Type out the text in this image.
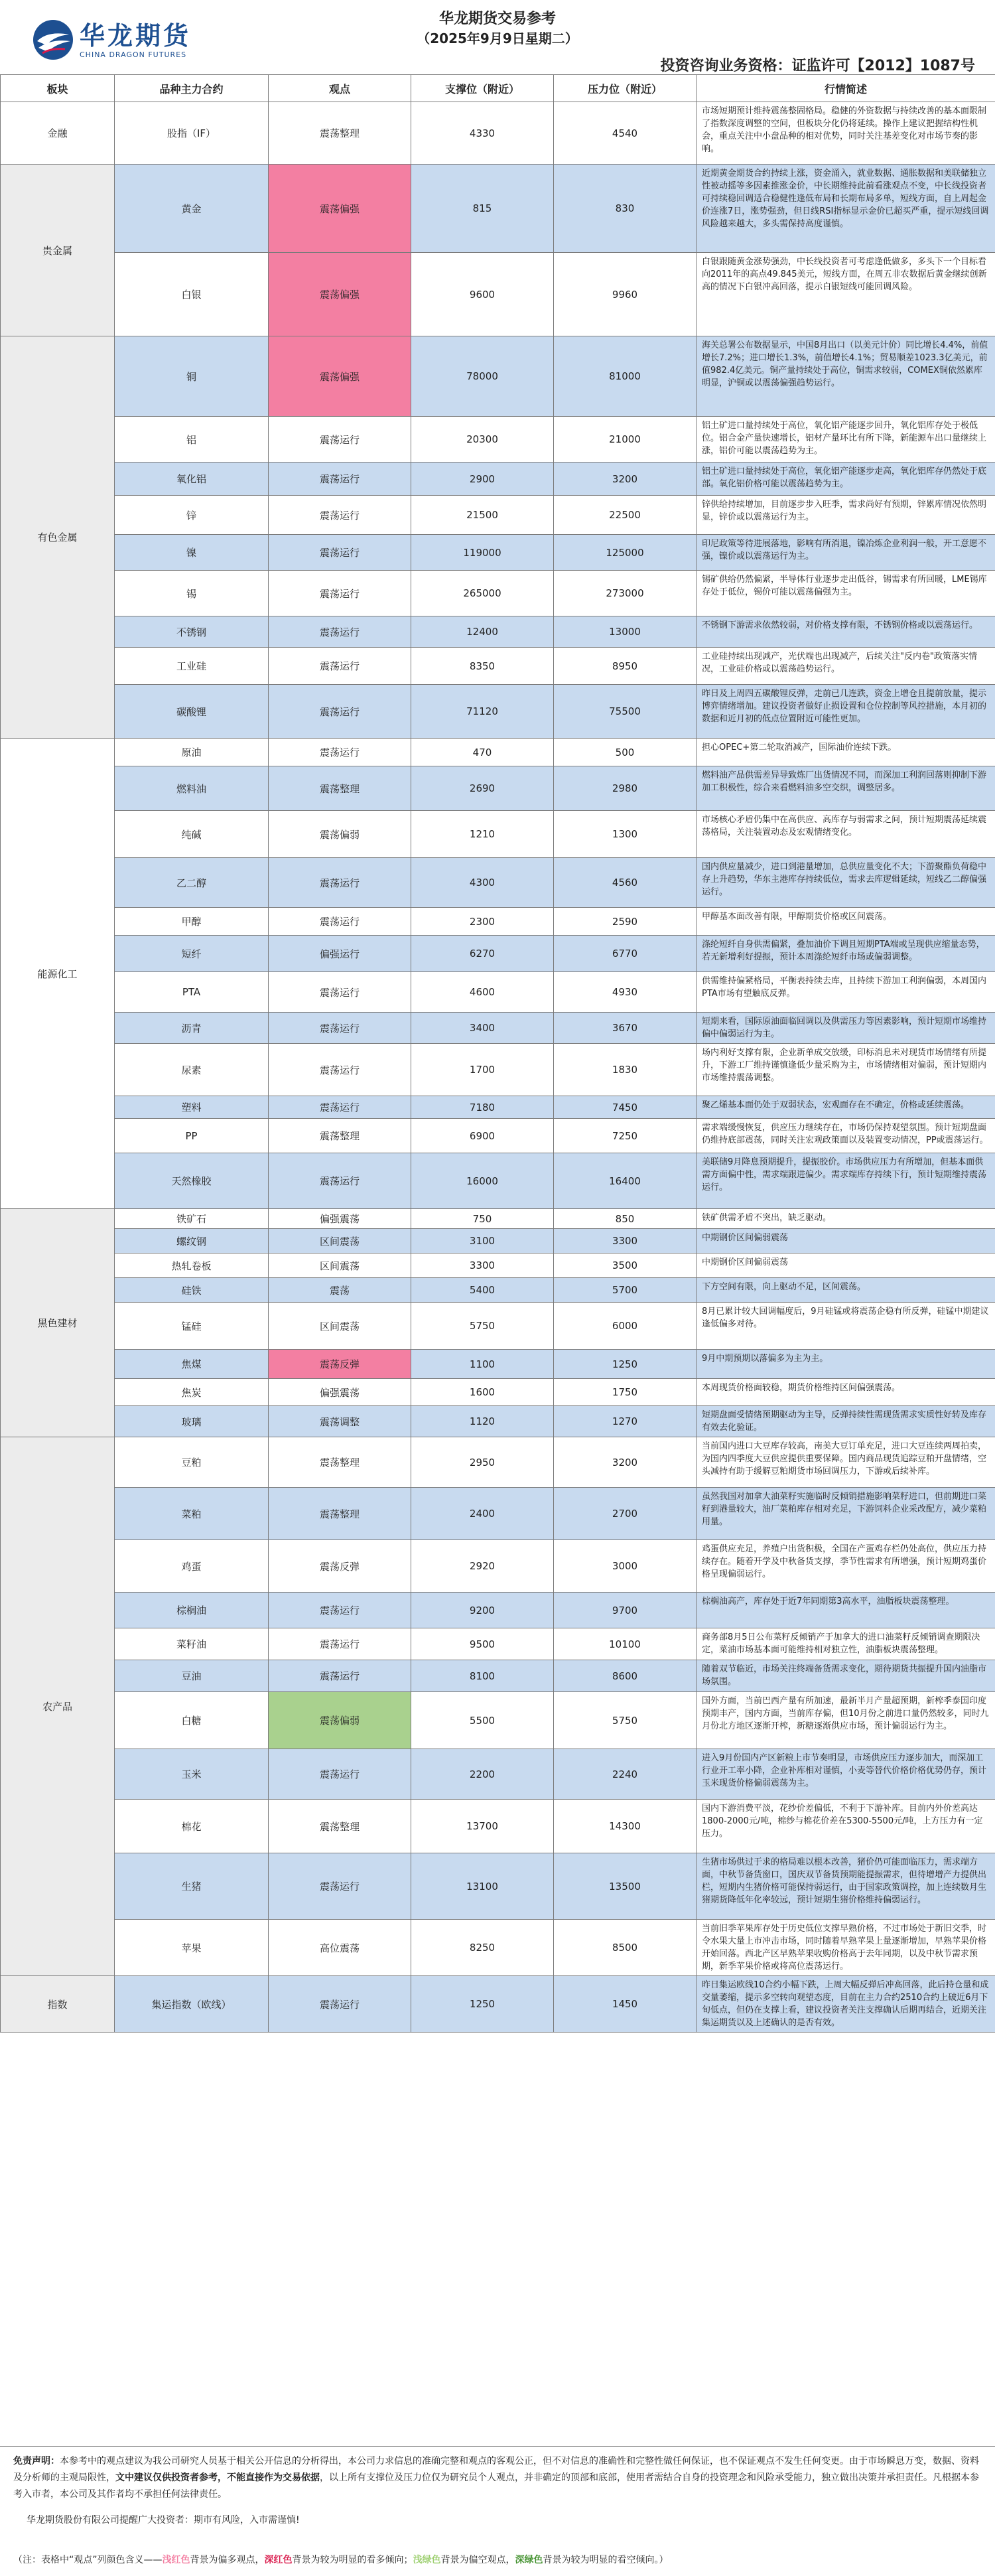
华龙期货
CHINA DRAGON FUTURES
华龙期货交易参考
（2025年9月9日星期二）
投资咨询业务资格：证监许可【2012】1087号
板块	品种主力合约	观点	支撑位（附近）	压力位（附近）	行情简述
金融	股指（IF）	震荡整理	4330	4540	市场短期预计维持震荡整固格局。稳健的外资数据与持续改善的基本面限制了指数深度调整的空间，但板块分化仍将延续。操作上建议把握结构性机会，重点关注中小盘品种的相对优势，同时关注基差变化对市场节奏的影响。
贵金属	黄金	震荡偏强	815	830	近期黄金期货合约持续上涨，资金涌入，就业数据、通胀数据和美联储独立性被动摇等多因素推涨金价，中长期维持此前看涨观点不变，中长线投资者可持续稳回调适合稳健性逢低布局和长期布局多单，短线方面，自上周起金价连涨7日，涨势强劲，但日线RSI指标显示金价已超买严重，提示短线回调风险越来越大，多头需保持高度谨慎。
	白银	震荡偏强	9600	9960	白银跟随黄金涨势强劲，中长线投资者可考虑逢低做多，多头下一个目标看向2011年的高点49.845美元，短线方面，在周五非农数据后黄金继续创新高的情况下白银冲高回落，提示白银短线可能回调风险。
有色金属	铜	震荡偏强	78000	81000	海关总署公布数据显示，中国8月出口（以美元计价）同比增长4.4%，前值增长7.2%；进口增长1.3%，前值增长4.1%；贸易顺差1023.3亿美元，前值982.4亿美元。铜产量持续处于高位，铜需求较弱，COMEX铜依然累库明显，沪铜或以震荡偏强趋势运行。
	铝	震荡运行	20300	21000	铝土矿进口量持续处于高位，氧化铝产能逐步回升，氧化铝库存处于极低位。铝合金产量快速增长，铝材产量环比有所下降，新能源车出口量继续上涨，铝价可能以震荡趋势为主。
	氧化铝	震荡运行	2900	3200	铝土矿进口量持续处于高位，氧化铝产能逐步走高，氧化铝库存仍然处于底部。氧化铝价格可能以震荡趋势为主。
	锌	震荡运行	21500	22500	锌供给持续增加，目前逐步步入旺季，需求尚好有预期，锌累库情况依然明显，锌价或以震荡运行为主。
	镍	震荡运行	119000	125000	印尼政策等待进展落地，影响有所消退，镍冶炼企业利润一般，开工意愿不强，镍价或以震荡运行为主。
	锡	震荡运行	265000	273000	锡矿供给仍然偏紧，半导体行业逐步走出低谷，锡需求有所回暖，LME锡库存处于低位，锡价可能以震荡偏强为主。
	不锈钢	震荡运行	12400	13000	不锈钢下游需求依然较弱，对价格支撑有限，不锈钢价格或以震荡运行。
	工业硅	震荡运行	8350	8950	工业硅持续出现减产，光伏端也出现减产，后续关注"反内卷"政策落实情况，工业硅价格或以震荡趋势运行。
	碳酸锂	震荡运行	71120	75500	昨日及上周四五碳酸锂反弹，走前已几连跌，资金上增仓且提前放量，提示博弈情绪增加。建议投资者做好止损设置和仓位控制等风控措施，本月初的数据和近月初的低点位置附近可能性更加。
能源化工	原油	震荡运行	470	500	担心OPEC+第二轮取消减产，国际油价连续下跌。
	燃料油	震荡整理	2690	2980	燃料油产品供需差异导致炼厂出货情况不同，而深加工利润回落则抑制下游加工积极性，综合来看燃料油多空交织，调整居多。
	纯碱	震荡偏弱	1210	1300	市场核心矛盾仍集中在高供应、高库存与弱需求之间，预计短期震荡延续震荡格局，关注装置动态及宏观情绪变化。
	乙二醇	震荡运行	4300	4560	国内供应量减少，进口到港量增加，总供应量变化不大；下游聚酯负荷稳中存上升趋势，华东主港库存持续低位，需求去库逻辑延续，短线乙二醇偏强运行。
	甲醇	震荡运行	2300	2590	甲醇基本面改善有限，甲醇期货价格或区间震荡。
	短纤	偏强运行	6270	6770	涤纶短纤自身供需偏紧，叠加油价下调且短期PTA端或呈现供应缩量态势，若无新增利好提振，预计本周涤纶短纤市场或偏弱调整。
	PTA	震荡运行	4600	4930	供需维持偏紧格局，平衡表持续去库，且持续下游加工利润偏弱，本周国内PTA市场有望触底反弹。
	沥青	震荡运行	3400	3670	短期来看，国际原油面临回调以及供需压力等因素影响，预计短期市场维持偏中偏弱运行为主。
	尿素	震荡运行	1700	1830	场内利好支撑有限，企业新单成交放缓，印标消息未对现货市场情绪有所提升，下游工厂维持谨慎逢低少量采购为主，市场情绪相对偏弱，预计短期内市场维持震荡调整。
	塑料	震荡运行	7180	7450	聚乙烯基本面仍处于双弱状态，宏观面存在不确定，价格或延续震荡。
	PP	震荡整理	6900	7250	需求端缓慢恢复，供应压力继续存在，市场仍保持观望氛围。预计短期盘面仍维持底部震荡，同时关注宏观政策面以及装置变动情况，PP或震荡运行。
	天然橡胶	震荡运行	16000	16400	美联储9月降息预期提升，提振胶价。市场供应压力有所增加，但基本面供需方面偏中性，需求端跟进偏少。需求端库存持续下行，预计短期维持震荡运行。
黑色建材	铁矿石	偏强震荡	750	850	铁矿供需矛盾不突出，缺乏驱动。
	螺纹钢	区间震荡	3100	3300	中期钢价区间偏弱震荡
	热轧卷板	区间震荡	3300	3500	中期钢价区间偏弱震荡
	硅铁	震荡	5400	5700	下方空间有限，向上驱动不足，区间震荡。
	锰硅	区间震荡	5750	6000	8月已累计较大回调幅度后，9月硅锰或将震荡企稳有所反弹，硅锰中期建议逢低偏多对待。
	焦煤	震荡反弹	1100	1250	9月中期预期以落偏多为主为主。
	焦炭	偏强震荡	1600	1750	本周现货价格面较稳，期货价格维持区间偏强震荡。
	玻璃	震荡调整	1120	1270	短期盘面受情绪预期驱动为主导，反弹持续性需现货需求实质性好转及库存有效去化验证。
农产品	豆粕	震荡整理	2950	3200	当前国内进口大豆库存较高，南美大豆订单充足，进口大豆连续两周拍卖，为国内四季度大豆供应提供重要保障。国内商品现货追踪豆粕开盘情绪，空头减持有助于缓解豆粕期货市场回调压力，下游或后续补库。
	菜粕	震荡整理	2400	2700	虽然我国对加拿大油菜籽实施临时反倾销措施影响菜籽进口，但前期进口菜籽到港量较大，油厂菜粕库存相对充足，下游饲料企业采改配方，减少菜粕用量。
	鸡蛋	震荡反弹	2920	3000	鸡蛋供应充足，养殖户出货积极，全国在产蛋鸡存栏仍处高位，供应压力持续存在。随着开学及中秋备货支撑，季节性需求有所增强，预计短期鸡蛋价格呈现偏弱运行。
	棕榈油	震荡运行	9200	9700	棕榈油高产，库存处于近7年同期第3高水平，油脂板块震荡整理。
	菜籽油	震荡运行	9500	10100	商务部8月5日公布菜籽反倾销产于加拿大的进口油菜籽反倾销调查期限决定，菜油市场基本面可能维持相对独立性，油脂板块震荡整理。
	豆油	震荡运行	8100	8600	随着双节临近，市场关注终端备货需求变化，期待期货共振提升国内油脂市场氛围。
	白糖	震荡偏弱	5500	5750	国外方面，当前巴西产量有所加速，最新半月产量超预期，新榨季泰国印度预期丰产，国内方面，当前库存偏，但10月份之前进口量仍然较多，同时九月份北方地区逐渐开榨，新糖逐渐供应市场，预计偏弱运行为主。
	玉米	震荡运行	2200	2240	进入9月份国内产区新粮上市节奏明显，市场供应压力逐步加大，而深加工行业开工率小降，企业补库相对谨慎，小麦等替代价格价格优势仍存，预计玉米现货价格偏弱震荡为主。
	棉花	震荡整理	13700	14300	国内下游消费平淡，花纱价差偏低，不利于下游补库。目前内外价差高达1800-2000元/吨，棉纱与棉花价差在5300-5500元/吨，上方压力有一定压力。
	生猪	震荡运行	13100	13500	生猪市场供过于求的格局难以根本改善，猪价仍可能面临压力，需求端方面，中秋节备货窗口，国庆双节备货预期能提振需求，但待增增产力提供出栏，短期内生猪价格可能保持弱运行，由于国家政策调控，加上连续数月生猪期货降低年化率较远，预计短期生猪价格维持偏弱运行。
	苹果	高位震荡	8250	8500	当前旧季苹果库存处于历史低位支撑早熟价格，不过市场处于新旧交季，时令水果大量上市冲击市场，同时随着早熟苹果上量逐渐增加，早熟苹果价格开始回落。西北产区早熟苹果收购价格高于去年同期，以及中秋节需求预期，新季苹果价格或将高位震荡运行。
指数	集运指数（欧线）	震荡运行	1250	1450	昨日集运欧线10合约小幅下跌，上周大幅反弹后冲高回落，此后持仓量和成交量萎缩，提示多空转向观望态度，目前在主力合约2510合约上破近6月下旬低点，但仍在支撑上看，建议投资者关注支撑确认后期再结合，近期关注集运期货以及上述确认的是否有效。
免责声明：本参考中的观点建议为我公司研究人员基于相关公开信息的分析得出，本公司力求信息的准确完整和观点的客观公正，但不对信息的准确性和完整性做任何保证，也不保证观点不发生任何变更。由于市场瞬息万变，数据、资料及分析师的主观局限性，文中建议仅供投资者参考，不能直接作为交易依据，以上所有支撑位及压力位仅为研究员个人观点，并非确定的顶部和底部，使用者需结合自身的投资理念和风险承受能力，独立做出决策并承担责任。凡根据本参考入市者，本公司及其作者均不承担任何法律责任。
华龙期货股份有限公司提醒广大投资者：期市有风险，入市需谨慎!
（注：表格中“观点”列颜色含义——浅红色背景为偏多观点，深红色背景为较为明显的看多倾向；浅绿色背景为偏空观点，深绿色背景为较为明显的看空倾向。）
